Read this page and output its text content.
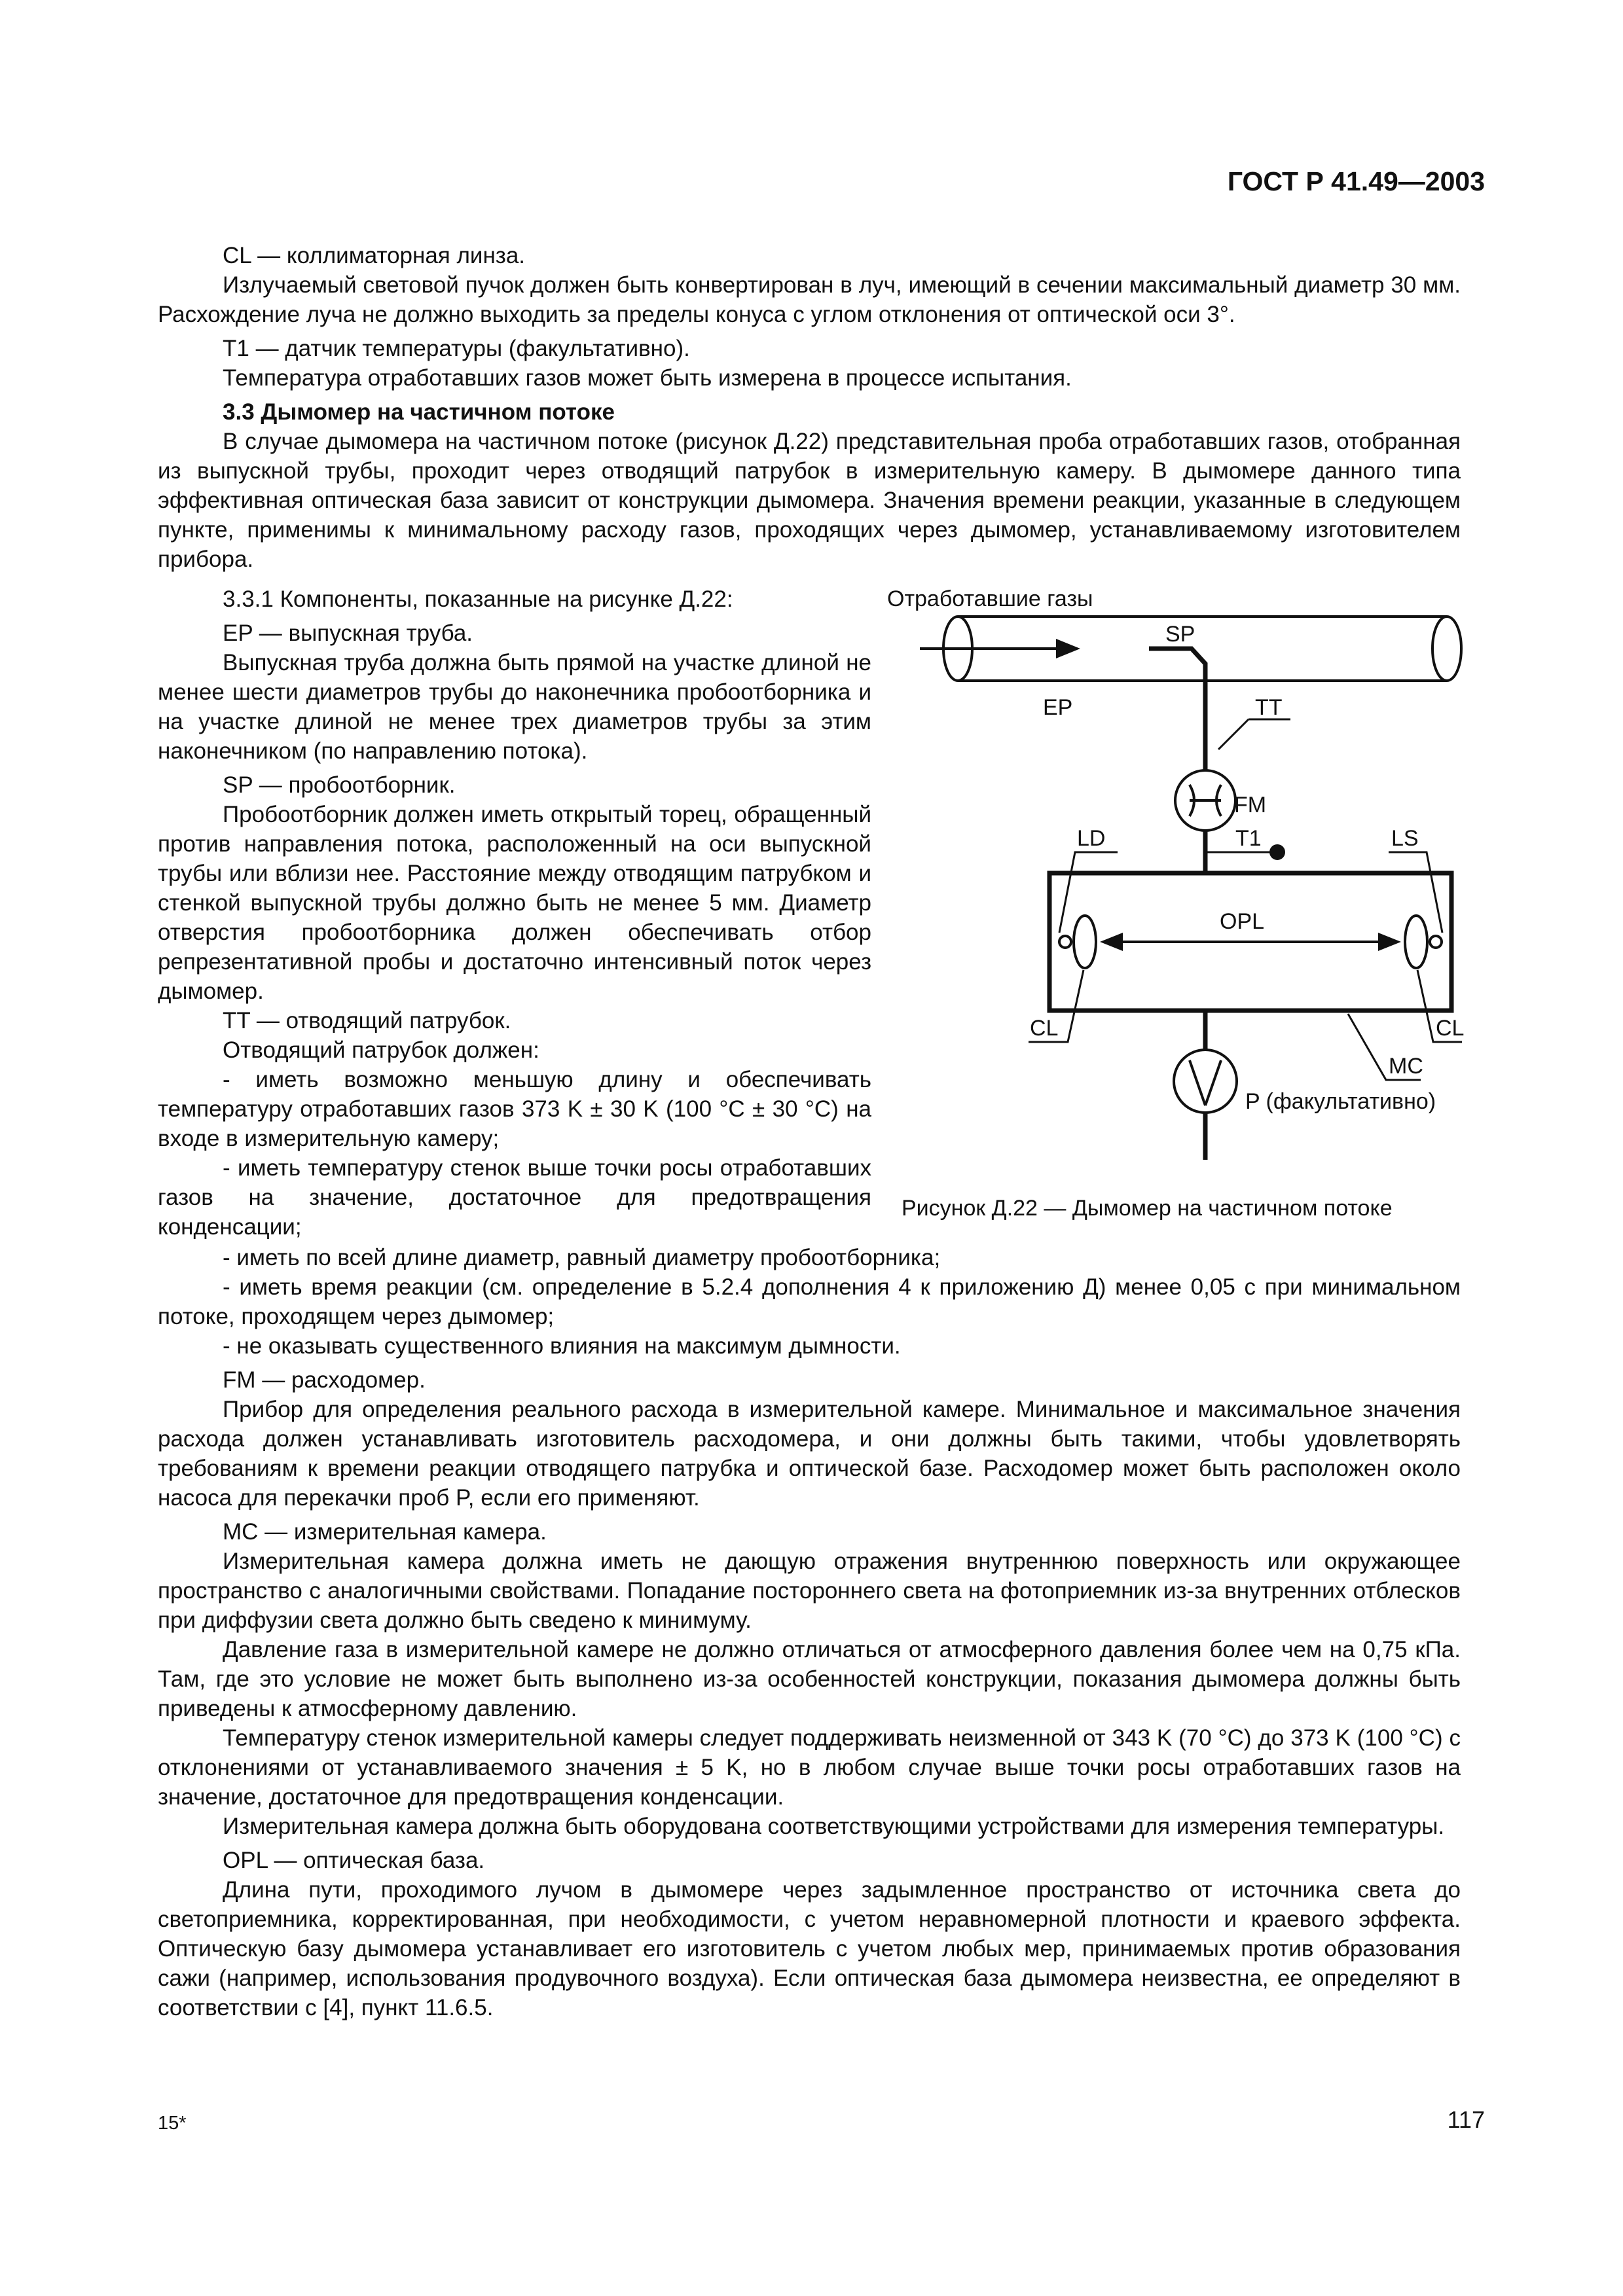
ГОСТ Р 41.49—2003

CL — коллиматорная линза.

Излучаемый световой пучок должен быть конвертирован в луч, имеющий в сечении максимальный диаметр 30 мм. Расхождение луча не должно выходить за пределы конуса с углом отклонения от оптической оси 3°.

T1 — датчик температуры (факультативно).

Температура отработавших газов может быть измерена в процессе испытания.

3.3 Дымомер на частичном потоке

В случае дымомера на частичном потоке (рисунок Д.22) представительная проба отработавших газов, отобранная из выпускной трубы, проходит через отводящий патрубок в измерительную камеру. В дымомере данного типа эффективная оптическая база зависит от конструкции дымомера. Значения времени реакции, указанные в следующем пункте, применимы к минимальному расходу газов, проходящих через дымомер, устанавливаемому изготовителем прибора.

3.3.1 Компоненты, показанные на рисунке Д.22:

EP — выпускная труба.

Выпускная труба должна быть прямой на участке длиной не менее шести диаметров трубы до наконечника пробоотборника и на участке длиной не менее трех диаметров трубы за этим наконечником (по направлению потока).

SP — пробоотборник.

Пробоотборник должен иметь открытый торец, обращенный против направления потока, расположенный на оси выпускной трубы или вблизи нее. Расстояние между отводящим патрубком и стенкой выпускной трубы должно быть не менее 5 мм. Диаметр отверстия пробоотборника должен обеспечивать отбор репрезентативной пробы и достаточно интенсивный поток через дымомер.

TT — отводящий патрубок.

Отводящий патрубок должен:

- иметь возможно меньшую длину и обеспечивать температуру отработавших газов 373 K ± 30 K (100 °C ± 30 °C) на входе в измерительную камеру;

- иметь температуру стенок выше точки росы отработавших газов на значение, достаточное для предотвращения конденсации;

Отработавшие газы
SP
EP	TT
FM
T1
OPL
LD	LS
CL	CL
MC
P (факультативно)
Рисунок Д.22 — Дымомер на частичном потоке

- иметь по всей длине диаметр, равный диаметру пробоотборника;

- иметь время реакции (см. определение в 5.2.4 дополнения 4 к приложению Д) менее 0,05 с при минимальном потоке, проходящем через дымомер;

- не оказывать существенного влияния на максимум дымности.

FM — расходомер.

Прибор для определения реального расхода в измерительной камере. Минимальное и максимальное значения расхода должен устанавливать изготовитель расходомера, и они должны быть такими, чтобы удовлетворять требованиям к времени реакции отводящего патрубка и оптической базе. Расходомер может быть расположен около насоса для перекачки проб P, если его применяют.

MC — измерительная камера.

Измерительная камера должна иметь не дающую отражения внутреннюю поверхность или окружающее пространство с аналогичными свойствами. Попадание постороннего света на фотоприемник из-за внутренних отблесков при диффузии света должно быть сведено к минимуму.

Давление газа в измерительной камере не должно отличаться от атмосферного давления более чем на 0,75 кПа. Там, где это условие не может быть выполнено из-за особенностей конструкции, показания дымомера должны быть приведены к атмосферному давлению.

Температуру стенок измерительной камеры следует поддерживать неизменной от 343 K (70 °C) до 373 K (100 °C) с отклонениями от устанавливаемого значения ± 5 K, но в любом случае выше точки росы отработавших газов на значение, достаточное для предотвращения конденсации.

Измерительная камера должна быть оборудована соответствующими устройствами для измерения температуры.

OPL — оптическая база.

Длина пути, проходимого лучом в дымомере через задымленное пространство от источника света до светоприемника, корректированная, при необходимости, с учетом неравномерной плотности и краевого эффекта. Оптическую базу дымомера устанавливает его изготовитель с учетом любых мер, принимаемых против образования сажи (например, использования продувочного воздуха). Если оптическая база дымомера неизвестна, ее определяют в соответствии с [4], пункт 11.6.5.

15*	117
